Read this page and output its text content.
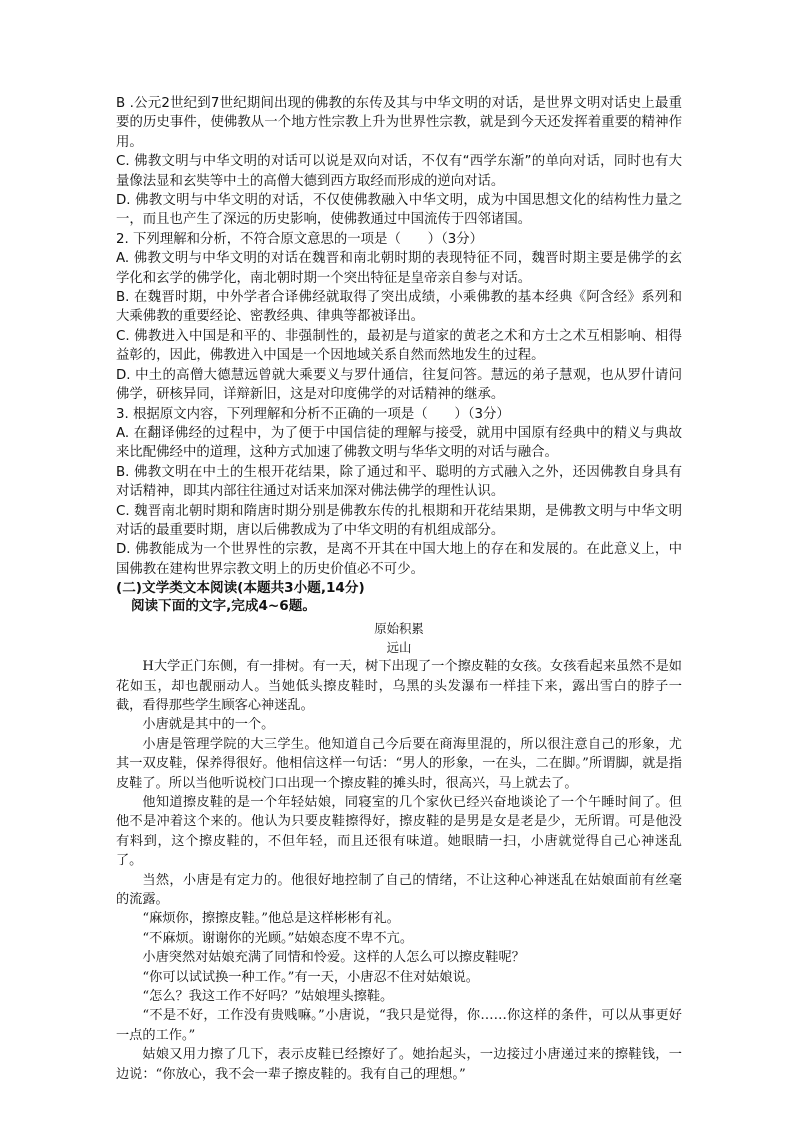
B .公元2世纪到7世纪期间出现的佛教的东传及其与中华文明的对话，是世界文明对话史上最重要的历史事件，使佛教从一个地方性宗教上升为世界性宗教，就是到今天还发挥着重要的精神作用。

C. 佛教文明与中华文明的对话可以说是双向对话，不仅有“西学东渐”的单向对话，同时也有大量像法显和玄奘等中土的高僧大德到西方取经而形成的逆向对话。

D. 佛教文明与中华文明的对话，不仅使佛教融入中华文明，成为中国思想文化的结构性力量之一，而且也产生了深远的历史影响，使佛教通过中国流传于四邻诸国。

2. 下列理解和分析，不符合原文意思的一项是（　　）（3分）

A. 佛教文明与中华文明的对话在魏晋和南北朝时期的表现特征不同，魏晋时期主要是佛学的玄学化和玄学的佛学化，南北朝时期一个突出特征是皇帝亲自参与对话。

B. 在魏晋时期，中外学者合译佛经就取得了突出成绩，小乘佛教的基本经典《阿含经》系列和大乘佛教的重要经论、密教经典、律典等都被译出。

C. 佛教进入中国是和平的、非强制性的，最初是与道家的黄老之术和方士之术互相影响、相得益彰的，因此，佛教进入中国是一个因地域关系自然而然地发生的过程。

D. 中土的高僧大德慧远曾就大乘要义与罗什通信，往复问答。慧远的弟子慧观，也从罗什请问佛学，研核异同，详辩新旧，这是对印度佛学的对话精神的继承。

3. 根据原文内容，下列理解和分析不正确的一项是（　　）（3分）

A. 在翻译佛经的过程中，为了便于中国信徒的理解与接受，就用中国原有经典中的精义与典故来比配佛经中的道理，这种方式加速了佛教文明与华华文明的对话与融合。

B. 佛教文明在中土的生根开花结果，除了通过和平、聪明的方式融入之外，还因佛教自身具有对话精神，即其内部往往通过对话来加深对佛法佛学的理性认识。

C. 魏晋南北朝时期和隋唐时期分别是佛教东传的扎根期和开花结果期，是佛教文明与中华文明对话的最重要时期，唐以后佛教成为了中华文明的有机组成部分。

D. 佛教能成为一个世界性的宗教，是离不开其在中国大地上的存在和发展的。在此意义上，中国佛教在建构世界宗教文明上的历史价值必不可少。

(二)文学类文本阅读(本题共3小题,14分)

阅读下面的文字,完成4~6题。

原始积累

远山

H大学正门东侧，有一排树。有一天，树下出现了一个擦皮鞋的女孩。女孩看起来虽然不是如花如玉，却也靓丽动人。当她低头擦皮鞋时，乌黑的头发瀑布一样挂下来，露出雪白的脖子一截，看得那些学生顾客心神迷乱。

小唐就是其中的一个。

小唐是管理学院的大三学生。他知道自己今后要在商海里混的，所以很注意自己的形象，尤其一双皮鞋，保养得很好。他相信这样一句话：“男人的形象，一在头，二在脚。”所谓脚，就是指皮鞋了。所以当他听说校门口出现一个擦皮鞋的摊头时，很高兴，马上就去了。

他知道擦皮鞋的是一个年轻姑娘，同寝室的几个家伙已经兴奋地谈论了一个午睡时间了。但他不是冲着这个来的。他认为只要皮鞋擦得好，擦皮鞋的是男是女是老是少，无所谓。可是他没有料到，这个擦皮鞋的，不但年轻，而且还很有味道。她眼睛一扫，小唐就觉得自己心神迷乱了。

当然，小唐是有定力的。他很好地控制了自己的情绪，不让这种心神迷乱在姑娘面前有丝毫的流露。

“麻烦你，擦擦皮鞋。”他总是这样彬彬有礼。

“不麻烦。谢谢你的光顾。”姑娘态度不卑不亢。

小唐突然对姑娘充满了同情和怜爱。这样的人怎么可以擦皮鞋呢？

“你可以试试换一种工作。”有一天，小唐忍不住对姑娘说。

“怎么？我这工作不好吗？”姑娘埋头擦鞋。

“不是不好，工作没有贵贱嘛。”小唐说，“我只是觉得，你……你这样的条件，可以从事更好一点的工作。”

姑娘又用力擦了几下，表示皮鞋已经擦好了。她抬起头，一边接过小唐递过来的擦鞋钱，一边说：“你放心，我不会一辈子擦皮鞋的。我有自己的理想。”
